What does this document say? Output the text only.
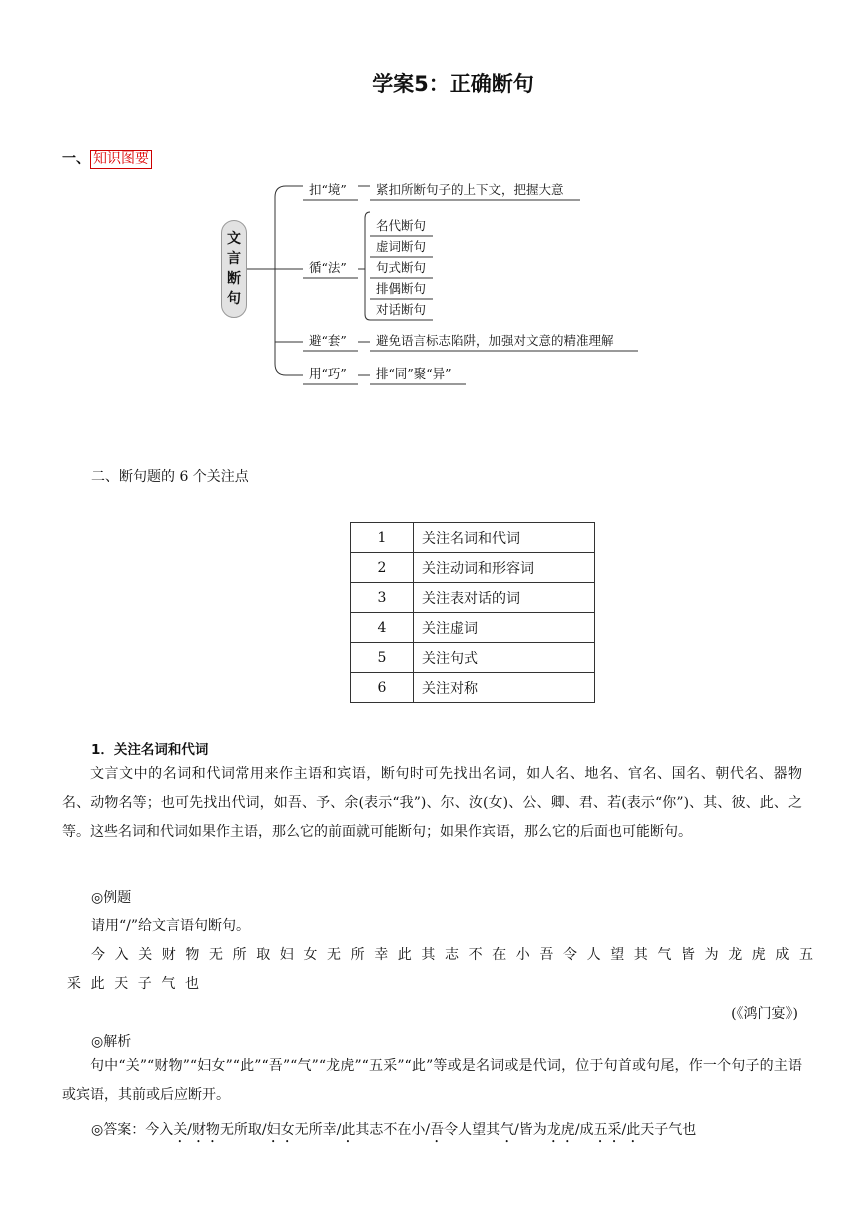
学案5：正确断句
一、 知识图要
文
言
断
句
扣“境” 紧扣所断句子的上下文，把握大意
循“法”
名代断句
虚词断句
句式断句
排偶断句
对话断句
避“套” 避免语言标志陷阱，加强对文意的精准理解
用“巧” 排“同”聚“异”
二、断句题的 6 个关注点
1	关注名词和代词
2	关注动词和形容词
3	关注表对话的词
4	关注虚词
5	关注句式
6	关注对称
1．关注名词和代词
文言文中的名词和代词常用来作主语和宾语，断句时可先找出名词，如人名、地名、官名、国名、朝代名、器物名、动物名等；也可先找出代词，如吾、予、余(表示“我”)、尔、汝(女)、公、卿、君、若(表示“你”)、其、彼、此、之等。这些名词和代词如果作主语，那么它的前面就可能断句；如果作宾语，那么它的后面也可能断句。
◎例题
请用“/”给文言语句断句。
今入关财物无所取妇女无所幸此其志不在小吾令人望其气皆为龙虎成五
采此天子气也
(《鸿门宴》)
◎解析
句中“关”“财物”“妇女”“此”“吾”“气”“龙虎”“五采”“此”等或是名词或是代词，位于句首或句尾，作一个句子的主语或宾语，其前或后应断开。
◎答案：今入关/财物无所取/妇女无所幸/此其志不在小/吾令人望其气/皆为龙虎/成五采/此天子气也
